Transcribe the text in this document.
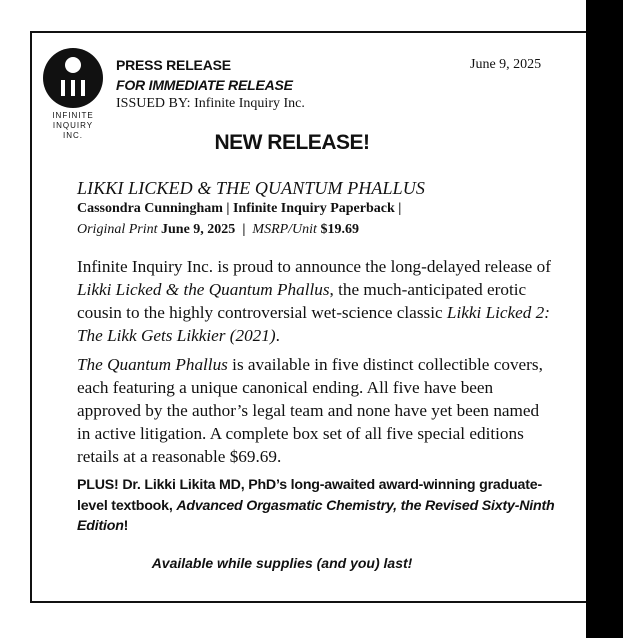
INFINITE
INQUIRY
INC.
PRESS RELEASE
FOR IMMEDIATE RELEASE
ISSUED BY: Infinite Inquiry Inc.
June 9, 2025
NEW RELEASE!
LIKKI LICKED & THE QUANTUM PHALLUS
Cassondra Cunningham | Infinite Inquiry Paperback |
Original Print June 9, 2025 | MSRP/Unit $19.69
Infinite Inquiry Inc. is proud to announce the long-delayed release of Likki Licked & the Quantum Phallus, the much-anticipated erotic cousin to the highly controversial wet-science classic Likki Licked 2: The Likk Gets Likkier (2021).
The Quantum Phallus is available in five distinct collectible covers, each featuring a unique canonical ending. All five have been approved by the author’s legal team and none have yet been named in active litigation. A complete box set of all five special editions retails at a reasonable $69.69.
PLUS! Dr. Likki Likita MD, PhD’s long-awaited award-winning graduate-level textbook, Advanced Orgasmatic Chemistry, the Revised Sixty-Ninth Edition!
Available while supplies (and you) last!
